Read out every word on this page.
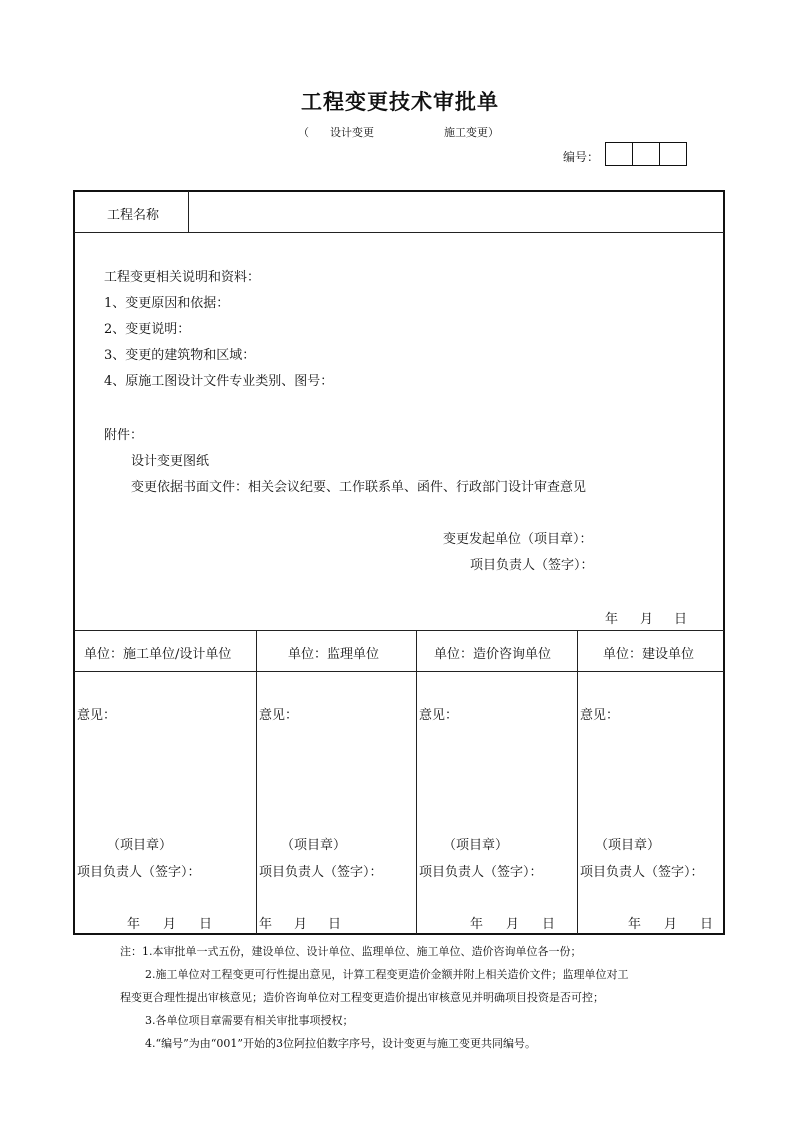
工程变更技术审批单
（ 设计变更	施工变更）
编号：
工程名称
工程变更相关说明和资料：
1、变更原因和依据：
2、变更说明：
3、变更的建筑物和区域：
4、原施工图设计文件专业类别、图号：
附件：
设计变更图纸
变更依据书面文件：相关会议纪要、工作联系单、函件、行政部门设计审查意见
变更发起单位（项目章）：
项目负责人（签字）：
年 月 日
单位：施工单位/设计单位	单位：监理单位	单位：造价咨询单位	单位：建设单位
意见：	意见：	意见：	意见：
（项目章）	（项目章）	（项目章）	（项目章）
项目负责人（签字）：	项目负责人（签字）：	项目负责人（签字）：	项目负责人（签字）：
年 月 日	年 月 日	年 月 日	年 月 日
注：1.本审批单一式五份，建设单位、设计单位、监理单位、施工单位、造价咨询单位各一份；
2.施工单位对工程变更可行性提出意见，计算工程变更造价金额并附上相关造价文件；监理单位对工
程变更合理性提出审核意见；造价咨询单位对工程变更造价提出审核意见并明确项目投资是否可控；
3.各单位项目章需要有相关审批事项授权；
4.“编号”为由“001”开始的3位阿拉伯数字序号，设计变更与施工变更共同编号。
